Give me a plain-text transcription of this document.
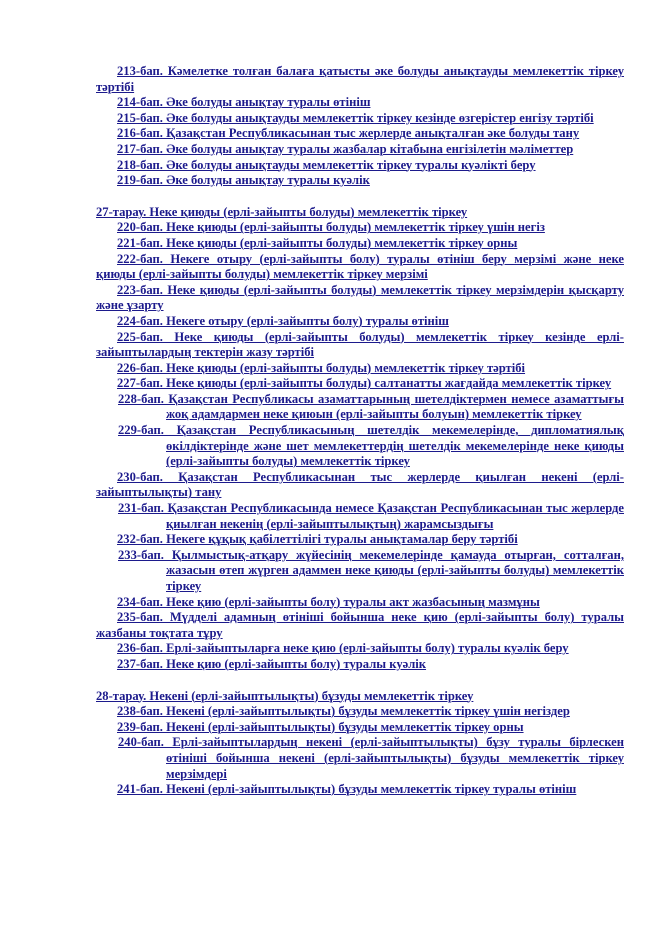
213-бап. Кәмелетке толған балаға қатысты әке болуды анықтауды мемлекеттік тіркеу тәртібі
214-бап. Әке болуды анықтау туралы өтініш
215-бап. Әке болуды анықтауды мемлекеттік тіркеу кезінде өзгерістер енгізу тәртібі
216-бап. Қазақстан Республикасынан тыс жерлерде анықталған әке болуды тану
217-бап. Әке болуды анықтау туралы жазбалар кітабына енгізілетін мәліметтер
218-бап. Әке болуды анықтауды мемлекеттік тіркеу туралы куәлікті беру
219-бап. Әке болуды анықтау туралы куәлік
27-тарау. Неке қиюды (ерлі-зайыпты болуды) мемлекеттік тіркеу
220-бап. Неке қиюды (ерлі-зайыпты болуды) мемлекеттік тіркеу үшін негіз
221-бап. Неке қиюды (ерлі-зайыпты болуды) мемлекеттік тіркеу орны
222-бап. Некеге отыру (ерлі-зайыпты болу) туралы өтініш беру мерзімі және неке қиюды (ерлі-зайыпты болуды) мемлекеттік тіркеу мерзімі
223-бап. Неке қиюды (ерлі-зайыпты болуды) мемлекеттік тіркеу мерзімдерін қысқарту және ұзарту
224-бап. Некеге отыру (ерлі-зайыпты болу) туралы өтініш
225-бап. Неке қиюды (ерлі-зайыпты болуды) мемлекеттік тіркеу кезінде ерлі-зайыптылардың тектерін жазу тәртібі
226-бап. Неке қиюды (ерлі-зайыпты болуды) мемлекеттік тіркеу тәртібі
227-бап. Неке қиюды (ерлі-зайыпты болуды) салтанатты жағдайда мемлекеттік тіркеу
228-бап. Қазақстан Республикасы азаматтарының шетелдіктермен немесе азаматтығы жоқ адамдармен неке қиюын (ерлі-зайыпты болуын) мемлекеттік тіркеу
229-бап. Қазақстан Республикасының шетелдік мекемелерінде, дипломатиялық өкілдіктерінде және шет мемлекеттердің шетелдік мекемелерінде неке қиюды (ерлі-зайыпты болуды) мемлекеттік тіркеу
230-бап. Қазақстан Республикасынан тыс жерлерде қиылған некені (ерлі-зайыптылықты) тану
231-бап. Қазақстан Республикасында немесе Қазақстан Республикасынан тыс жерлерде қиылған некенің (ерлі-зайыптылықтың) жарамсыздығы
232-бап. Некеге құқық қабілеттілігі туралы анықтамалар беру тәртібі
233-бап. Қылмыстық-атқару жүйесінің мекемелерінде қамауда отырған, сотталған, жазасын өтеп жүрген адаммен неке қиюды (ерлі-зайыпты болуды) мемлекеттік тіркеу
234-бап. Неке қию (ерлі-зайыпты болу) туралы акт жазбасының мазмұны
235-бап. Мүдделі адамның өтініші бойынша неке қию (ерлі-зайыпты болу) туралы жазбаны тоқтата тұру
236-бап. Ерлі-зайыптыларға неке қию (ерлі-зайыпты болу) туралы куәлік беру
237-бап. Неке қию (ерлі-зайыпты болу) туралы куәлік
28-тарау. Некені (ерлі-зайыптылықты) бұзуды мемлекеттік тіркеу
238-бап. Некені (ерлі-зайыптылықты) бұзуды мемлекеттік тіркеу үшін негіздер
239-бап. Некені (ерлі-зайыптылықты) бұзуды мемлекеттік тіркеу орны
240-бап. Ерлі-зайыптылардың некені (ерлі-зайыптылықты) бұзу туралы бірлескен өтініші бойынша некені (ерлі-зайыптылықты) бұзуды мемлекеттік тіркеу мерзімдері
241-бап. Некені (ерлі-зайыптылықты) бұзуды мемлекеттік тіркеу туралы өтініш
